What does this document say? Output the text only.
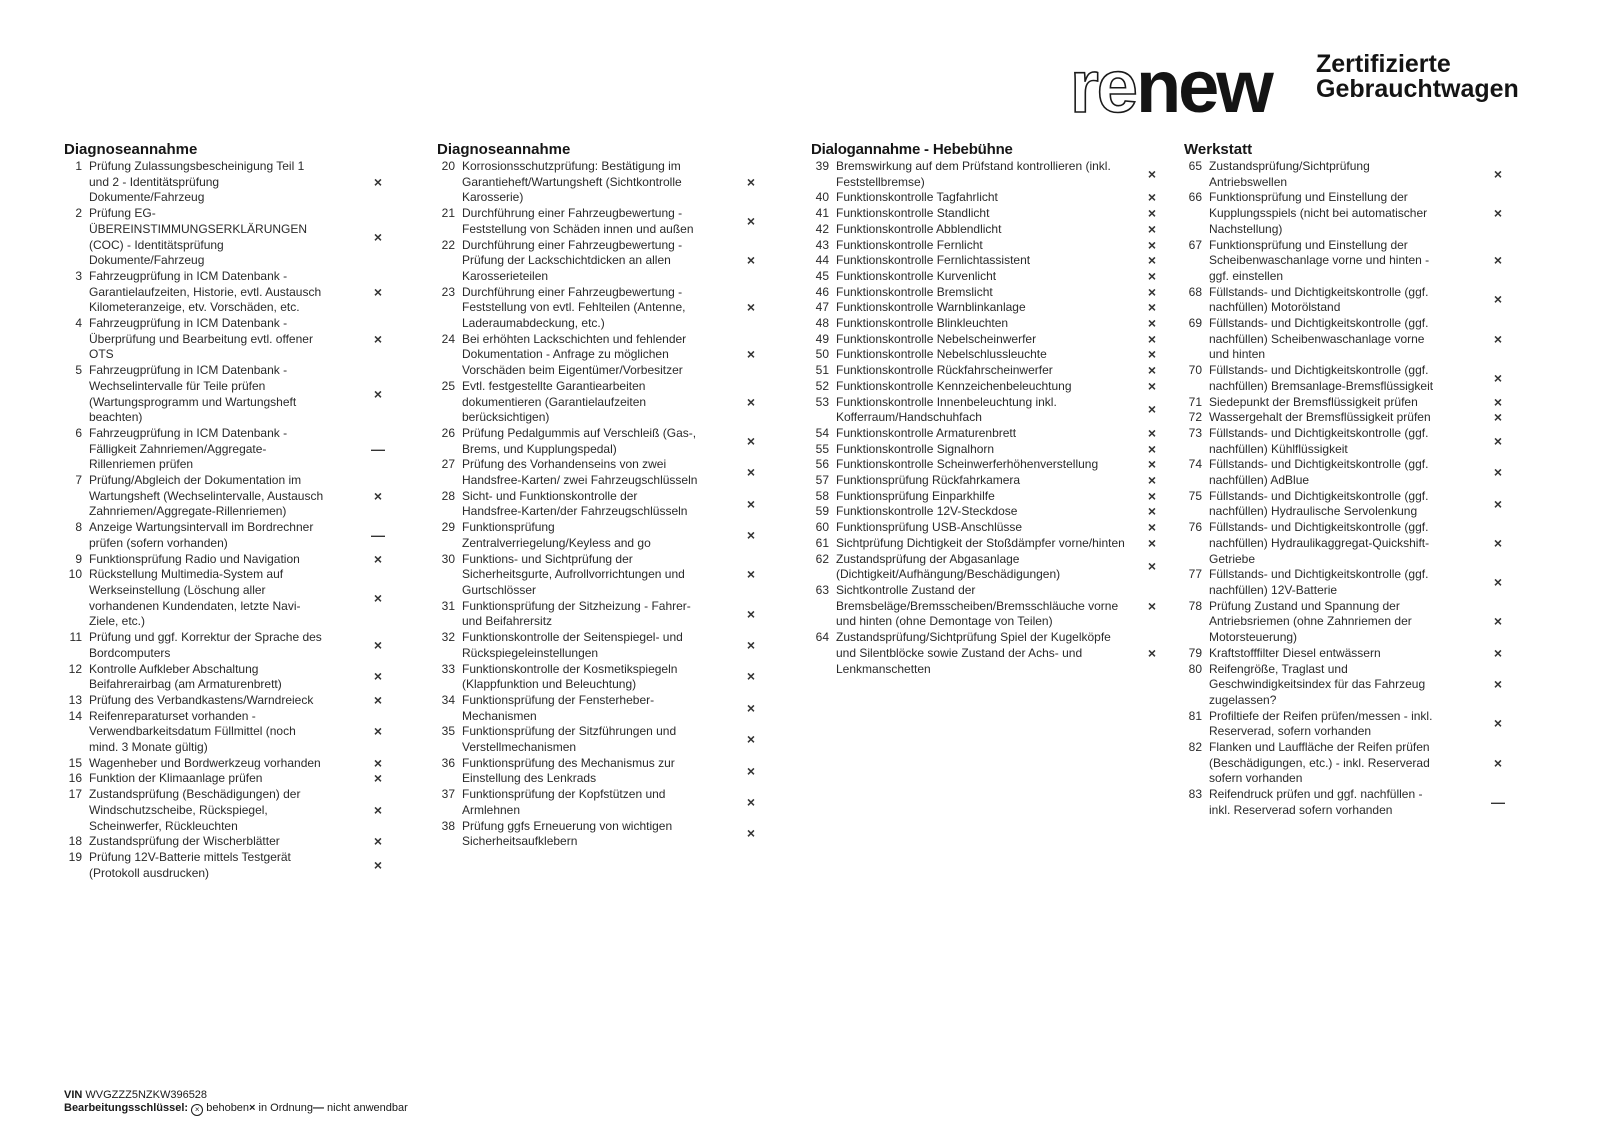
re new Zertifizierte
Gebrauchtwagen
Diagnoseannahme
1 Prüfung Zulassungsbescheinigung Teil 1 und 2 - Identitätsprüfung Dokumente/Fahrzeug
×
2 Prüfung EG-ÜBEREINSTIMMUNGSERKLÄRUNGEN (COC) - Identitätsprüfung Dokumente/Fahrzeug
×
3 Fahrzeugprüfung in ICM Datenbank - Garantielaufzeiten, Historie, evtl. Austausch Kilometeranzeige, etv. Vorschäden, etc.
×
4 Fahrzeugprüfung in ICM Datenbank - Überprüfung und Bearbeitung evtl. offener OTS
×
5 Fahrzeugprüfung in ICM Datenbank - Wechselintervalle für Teile prüfen (Wartungsprogramm und Wartungsheft beachten)
×
6 Fahrzeugprüfung in ICM Datenbank - Fälligkeit Zahnriemen/Aggregate-Rillenriemen prüfen
—
7 Prüfung/Abgleich der Dokumentation im Wartungsheft (Wechselintervalle, Austausch Zahnriemen/Aggregate-Rillenriemen)
×
8 Anzeige Wartungsintervall im Bordrechner prüfen (sofern vorhanden)	—
9 Funktionsprüfung Radio und Navigation	×
10 Rückstellung Multimedia-System auf Werkseinstellung (Löschung aller vorhandenen Kundendaten, letzte Navi-Ziele, etc.)
×
11 Prüfung und ggf. Korrektur der Sprache des Bordcomputers	×
12 Kontrolle Aufkleber Abschaltung Beifahrerairbag (am Armaturenbrett)	×
13 Prüfung des Verbandkastens/Warndreieck	×
14 Reifenreparaturset vorhanden - Verwendbarkeitsdatum Füllmittel (noch mind. 3 Monate gültig)
×
15 Wagenheber und Bordwerkzeug vorhanden	×
16 Funktion der Klimaanlage prüfen	×
17 Zustandsprüfung (Beschädigungen) der Windschutzscheibe, Rückspiegel, Scheinwerfer, Rückleuchten
×
18 Zustandsprüfung der Wischerblätter	×
19 Prüfung 12V-Batterie mittels Testgerät (Protokoll ausdrucken)	×
Diagnoseannahme
20 Korrosionsschutzprüfung: Bestätigung im Garantieheft/Wartungsheft (Sichtkontrolle Karosserie)
×
21 Durchführung einer Fahrzeugbewertung - Feststellung von Schäden innen und außen	×
22 Durchführung einer Fahrzeugbewertung - Prüfung der Lackschichtdicken an allen Karosserieteilen
×
23 Durchführung einer Fahrzeugbewertung - Feststellung von evtl. Fehlteilen (Antenne, Laderaumabdeckung, etc.)
×
24 Bei erhöhten Lackschichten und fehlender Dokumentation - Anfrage zu möglichen Vorschäden beim Eigentümer/Vorbesitzer
×
25 Evtl. festgestellte Garantiearbeiten dokumentieren (Garantielaufzeiten berücksichtigen)
×
26 Prüfung Pedalgummis auf Verschleiß (Gas-, Brems, und Kupplungspedal)	×
27 Prüfung des Vorhandenseins von zwei Handsfree-Karten/ zwei Fahrzeugschlüsseln	×
28 Sicht- und Funktionskontrolle der Handsfree-Karten/der Fahrzeugschlüsseln	×
29 Funktionsprüfung Zentralverriegelung/Keyless and go	×
30 Funktions- und Sichtprüfung der Sicherheitsgurte, Aufrollvorrichtungen und Gurtschlösser
×
31 Funktionsprüfung der Sitzheizung - Fahrer- und Beifahrersitz	×
32 Funktionskontrolle der Seitenspiegel- und Rückspiegeleinstellungen	×
33 Funktionskontrolle der Kosmetikspiegeln (Klappfunktion und Beleuchtung)	×
34 Funktionsprüfung der Fensterheber-Mechanismen	×
35 Funktionsprüfung der Sitzführungen und Verstellmechanismen	×
36 Funktionsprüfung des Mechanismus zur Einstellung des Lenkrads	×
37 Funktionsprüfung der Kopfstützen und Armlehnen	×
38 Prüfung ggfs Erneuerung von wichtigen Sicherheitsaufklebern	×
Dialogannahme - Hebebühne
39 Bremswirkung auf dem Prüfstand kontrollieren (inkl. Feststellbremse)	×
40 Funktionskontrolle Tagfahrlicht	×
41 Funktionskontrolle Standlicht	×
42 Funktionskontrolle Abblendlicht	×
43 Funktionskontrolle Fernlicht	×
44 Funktionskontrolle Fernlichtassistent	×
45 Funktionskontrolle Kurvenlicht	×
46 Funktionskontrolle Bremslicht	×
47 Funktionskontrolle Warnblinkanlage	×
48 Funktionskontrolle Blinkleuchten	×
49 Funktionskontrolle Nebelscheinwerfer	×
50 Funktionskontrolle Nebelschlussleuchte	×
51 Funktionskontrolle Rückfahrscheinwerfer	×
52 Funktionskontrolle Kennzeichenbeleuchtung	×
53 Funktionskontrolle Innenbeleuchtung inkl. Kofferraum/Handschuhfach	×
54 Funktionskontrolle Armaturenbrett	×
55 Funktionskontrolle Signalhorn	×
56 Funktionskontrolle Scheinwerferhöhenverstellung	×
57 Funktionsprüfung Rückfahrkamera	×
58 Funktionsprüfung Einparkhilfe	×
59 Funktionskontrolle 12V-Steckdose	×
60 Funktionsprüfung USB-Anschlüsse	×
61 Sichtprüfung Dichtigkeit der Stoßdämpfer vorne/hinten	×
62 Zustandsprüfung der Abgasanlage (Dichtigkeit/Aufhängung/Beschädigungen)	×
63 Sichtkontrolle Zustand der Bremsbeläge/Bremsscheiben/Bremsschläuche vorne und hinten (ohne Demontage von Teilen)
×
64 Zustandsprüfung/Sichtprüfung Spiel der Kugelköpfe und Silentblöcke sowie Zustand der Achs- und Lenkmanschetten
×
Werkstatt
65 Zustandsprüfung/Sichtprüfung Antriebswellen	×
66 Funktionsprüfung und Einstellung der Kupplungsspiels (nicht bei automatischer Nachstellung)
×
67 Funktionsprüfung und Einstellung der Scheibenwaschanlage vorne und hinten - ggf. einstellen
×
68 Füllstands- und Dichtigkeitskontrolle (ggf. nachfüllen) Motorölstand	×
69 Füllstands- und Dichtigkeitskontrolle (ggf. nachfüllen) Scheibenwaschanlage vorne und hinten
×
70 Füllstands- und Dichtigkeitskontrolle (ggf. nachfüllen) Bremsanlage-Bremsflüssigkeit	×
71 Siedepunkt der Bremsflüssigkeit prüfen	×
72 Wassergehalt der Bremsflüssigkeit prüfen	×
73 Füllstands- und Dichtigkeitskontrolle (ggf. nachfüllen) Kühlflüssigkeit	×
74 Füllstands- und Dichtigkeitskontrolle (ggf. nachfüllen) AdBlue	×
75 Füllstands- und Dichtigkeitskontrolle (ggf. nachfüllen) Hydraulische Servolenkung	×
76 Füllstands- und Dichtigkeitskontrolle (ggf. nachfüllen) Hydraulikaggregat-Quickshift-Getriebe
×
77 Füllstands- und Dichtigkeitskontrolle (ggf. nachfüllen) 12V-Batterie	×
78 Prüfung Zustand und Spannung der Antriebsriemen (ohne Zahnriemen der Motorsteuerung)
×
79 Kraftstofffilter Diesel entwässern	×
80 Reifengröße, Traglast und Geschwindigkeitsindex für das Fahrzeug zugelassen?
×
81 Profiltiefe der Reifen prüfen/messen - inkl. Reserverad, sofern vorhanden	×
82 Flanken und Lauffläche der Reifen prüfen (Beschädigungen, etc.) - inkl. Reserverad sofern vorhanden
×
83 Reifendruck prüfen und ggf. nachfüllen - inkl. Reserverad sofern vorhanden	—
VIN WVGZZZ5NZKW396528
Bearbeitungsschlüssel: × behoben× in Ordnung— nicht anwendbar
